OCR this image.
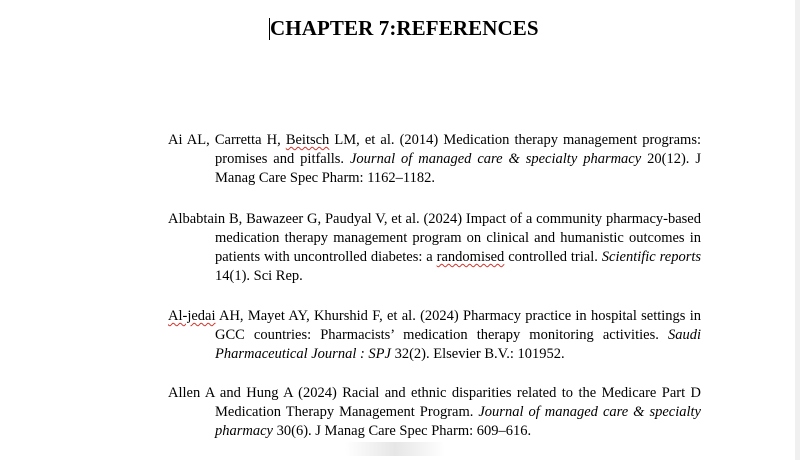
CHAPTER 7:REFERENCES

Ai AL, Carretta H, Beitsch LM, et al. (2014) Medication therapy management programs: promises and pitfalls. Journal of managed care & specialty pharmacy 20(12). J Manag Care Spec Pharm: 1162–1182.

Albabtain B, Bawazeer G, Paudyal V, et al. (2024) Impact of a community pharmacy-based medication therapy management program on clinical and humanistic outcomes in patients with uncontrolled diabetes: a randomised controlled trial. Scientific reports 14(1). Sci Rep.

Al-jedai AH, Mayet AY, Khurshid F, et al. (2024) Pharmacy practice in hospital settings in GCC countries: Pharmacists’ medication therapy monitoring activities. Saudi Pharmaceutical Journal : SPJ 32(2). Elsevier B.V.: 101952.

Allen A and Hung A (2024) Racial and ethnic disparities related to the Medicare Part D Medication Therapy Management Program. Journal of managed care & specialty pharmacy 30(6). J Manag Care Spec Pharm: 609–616.
